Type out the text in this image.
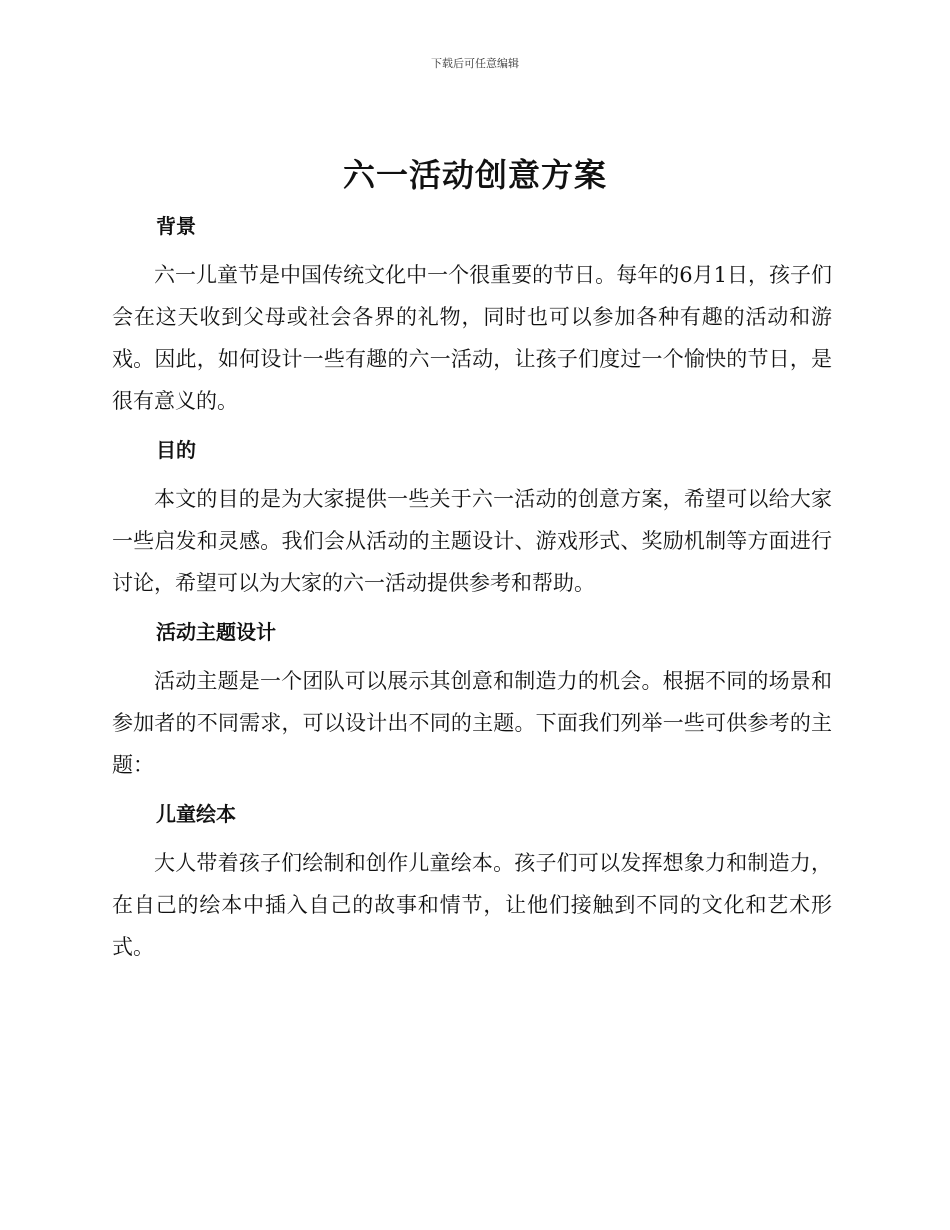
下载后可任意编辑
六一活动创意方案
背景

六一儿童节是中国传统文化中一个很重要的节日。每年的6月1日，孩子们会在这天收到父母或社会各界的礼物，同时也可以参加各种有趣的活动和游戏。因此，如何设计一些有趣的六一活动，让孩子们度过一个愉快的节日，是很有意义的。

目的

本文的目的是为大家提供一些关于六一活动的创意方案，希望可以给大家一些启发和灵感。我们会从活动的主题设计、游戏形式、奖励机制等方面进行讨论，希望可以为大家的六一活动提供参考和帮助。

活动主题设计

活动主题是一个团队可以展示其创意和制造力的机会。根据不同的场景和参加者的不同需求，可以设计出不同的主题。下面我们列举一些可供参考的主题：

儿童绘本

大人带着孩子们绘制和创作儿童绘本。孩子们可以发挥想象力和制造力，在自己的绘本中插入自己的故事和情节，让他们接触到不同的文化和艺术形式。
